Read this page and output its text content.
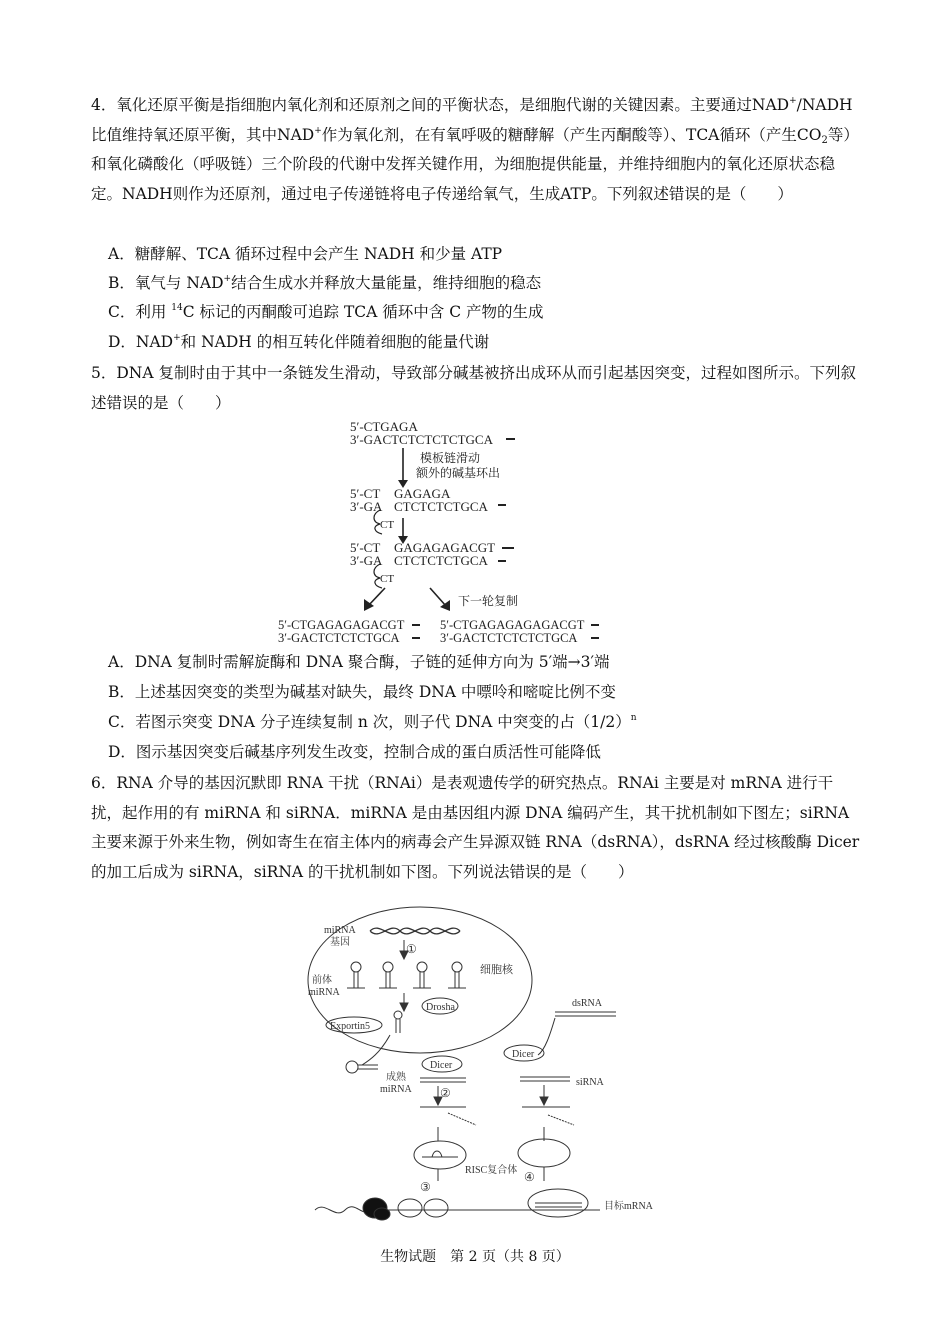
4．氧化还原平衡是指细胞内氧化剂和还原剂之间的平衡状态，是细胞代谢的关键因素。主要通过NAD+/NADH比值维持氧还原平衡，其中NAD+作为氧化剂，在有氧呼吸的糖酵解（产生丙酮酸等）、TCA循环（产生$CO_2$等）和氧化磷酸化（呼吸链）三个阶段的代谢中发挥关键作用，为细胞提供能量，并维持细胞内的氧化还原状态稳定。NADH则作为还原剂，通过电子传递链将电子传递给氧气，生成ATP。下列叙述错误的是（　　）

A．糖酵解、TCA 循环过程中会产生 NADH 和少量 ATP

B．氧气与 NAD+结合生成水并释放大量能量，维持细胞的稳态

C．利用 $^{14}$C 标记的丙酮酸可追踪 TCA 循环中含 C 产物的生成

D．NAD+和 NADH 的相互转化伴随着细胞的能量代谢

5．DNA 复制时由于其中一条链发生滑动，导致部分碱基被挤出成环从而引起基因突变，过程如图所示。下列叙述错误的是（　　）

5′-CTGAGA
3′-GACTCTCTCTCTGCA
模板链滑动
额外的碱基环出
5′-CT GAGAGA
3′-GA CTCTCTCTGCA
CT
5′-CT GAGAGAGACGT
3′-GA CTCTCTCTGCA
CT
下一轮复制
5′-CTGAGAGAGACGT
3′-GACTCTCTCTGCA
5′-CTGAGAGAGAGACGT
3′-GACTCTCTCTCTGCA

A．DNA 复制时需解旋酶和 DNA 聚合酶，子链的延伸方向为 5′端→3′端

B．上述基因突变的类型为碱基对缺失，最终 DNA 中嘌呤和嘧啶比例不变

C．若图示突变 DNA 分子连续复制 n 次，则子代 DNA 中突变的占$(1/2)^n$

D．图示基因突变后碱基序列发生改变，控制合成的蛋白质活性可能降低

6．RNA 介导的基因沉默即 RNA 干扰（RNAi）是表观遗传学的研究热点。RNAi 主要是对 mRNA 进行干扰，起作用的有 miRNA 和 siRNA．miRNA 是由基因组内源 DNA 编码产生，其干扰机制如下图左；siRNA 主要来源于外来生物，例如寄生在宿主体内的病毒会产生异源双链 RNA（dsRNA），dsRNA 经过核酸酶 Dicer 的加工后成为 siRNA，siRNA 的干扰机制如下图。下列说法错误的是（　　）

miRNA
基因	①
细胞核
前体
miRNA
Drosha
Exportin5
Dicer
成熟
miRNA ②
RISC复合体
③
dsRNA
Dicer
siRNA
④
目标mRNA
生物试题　第 2 页（共 8 页）
